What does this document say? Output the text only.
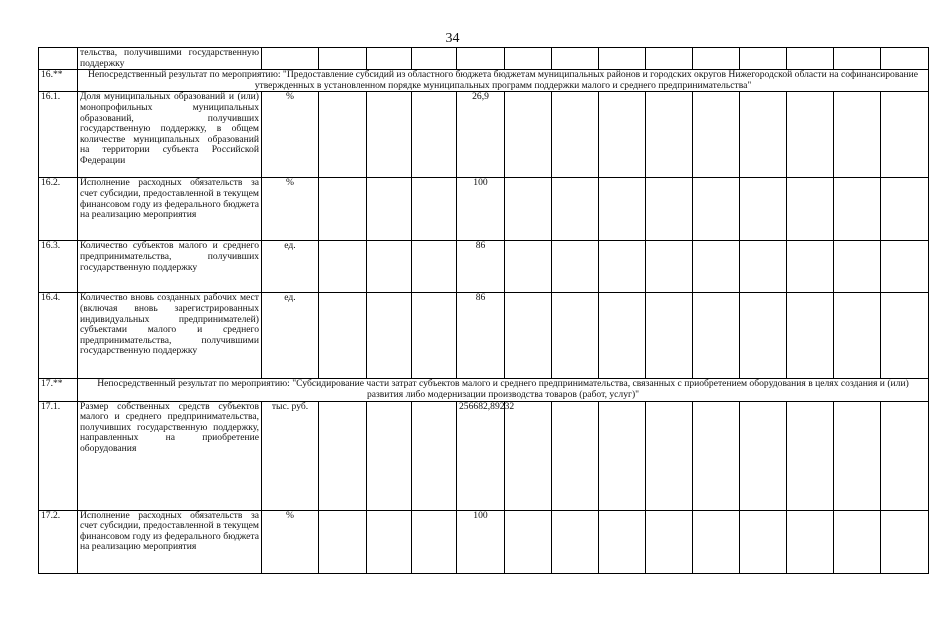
34
	тельства, получившими государственную поддержку														
16.**	Непосредственный результат по мероприятию: "Предоставление субсидий из областного бюджета бюджетам муниципальных районов и городских округов Нижегородской области на софинансирование утвержденных в установленном порядке муниципальных программ поддержки малого и среднего предпринимательства"														
16.1.	Доля муниципальных образований и (или) монопрофильных муниципальных образований, получивших государственную поддержку, в общем количестве муниципальных образований на территории субъекта Российской Федерации	%				26,9									
16.2.	Исполнение расходных обязательств за счет субсидии, предоставленной в текущем финансовом году из федерального бюджета на реализацию мероприятия	%				100									
16.3.	Количество субъектов малого и среднего предпринимательства, получивших государственную поддержку	ед.				86									
16.4.	Количество вновь созданных рабочих мест (включая вновь зарегистрированных индивидуальных предпринимателей) субъектами малого и среднего предпринимательства, получившими государственную поддержку	ед.				86									
17.**	Непосредственный результат по мероприятию: "Субсидирование части затрат субъектов малого и среднего предпринимательства, связанных с приобретением оборудования в целях создания и (или) развития либо модернизации производства товаров (работ, услуг)"														
17.1.	Размер собственных средств субъектов малого и среднего предпринимательства, получивших государственную поддержку, направленных на приобретение оборудования	тыс. руб.				256682,89232									
17.2.	Исполнение расходных обязательств за счет субсидии, предоставленной в текущем финансовом году из федерального бюджета на реализацию мероприятия	%				100									
